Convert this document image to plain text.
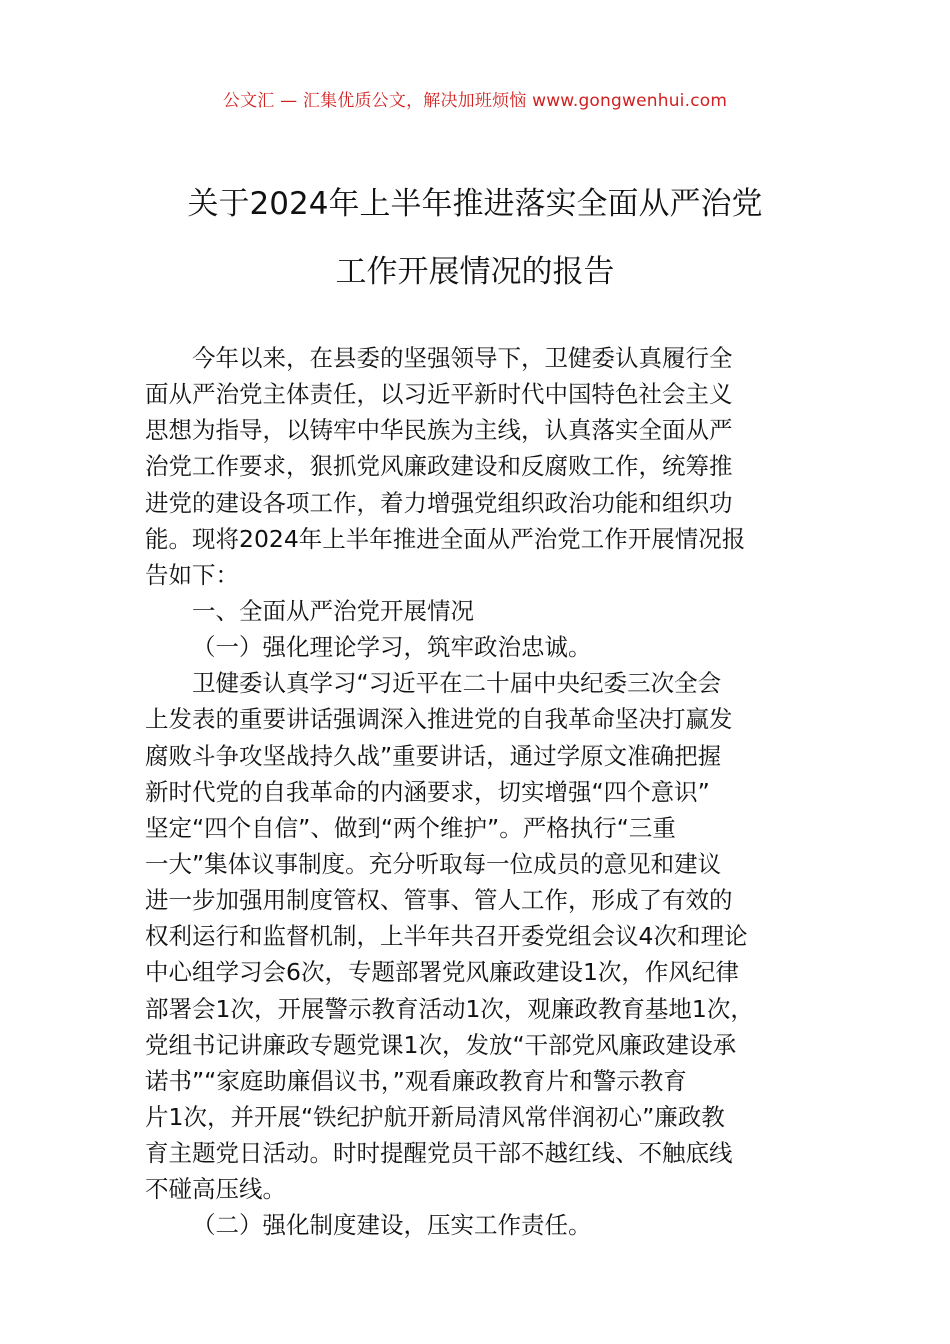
公文汇 — 汇集优质公文，解决加班烦恼 www.gongwenhui.com
关于2024年上半年推进落实全面从严治党
工作开展情况的报告
今年以来，在县委的坚强领导下，卫健委认真履行全
面从严治党主体责任，以习近平新时代中国特色社会主义
思想为指导，以铸牢中华民族为主线，认真落实全面从严
治党工作要求，狠抓党风廉政建设和反腐败工作，统筹推
进党的建设各项工作，着力增强党组织政治功能和组织功
能。现将2024年上半年推进全面从严治党工作开展情况报
告如下：
一、全面从严治党开展情况
（一）强化理论学习，筑牢政治忠诚。
卫健委认真学习“习近平在二十届中央纪委三次全会
上发表的重要讲话强调深入推进党的自我革命坚决打赢发
腐败斗争攻坚战持久战”重要讲话，通过学原文准确把握
新时代党的自我革命的内涵要求，切实增强“四个意识”
坚定“四个自信”、做到“两个维护”。严格执行“三重
一大”集体议事制度。充分听取每一位成员的意见和建议
进一步加强用制度管权、管事、管人工作，形成了有效的
权利运行和监督机制，上半年共召开委党组会议4次和理论
中心组学习会6次，专题部署党风廉政建设1次，作风纪律
部署会1次，开展警示教育活动1次，观廉政教育基地1次，
党组书记讲廉政专题党课1次，发放“干部党风廉政建设承
诺书”“家庭助廉倡议书，”观看廉政教育片和警示教育
片1次，并开展“铁纪护航开新局清风常伴润初心”廉政教
育主题党日活动。时时提醒党员干部不越红线、不触底线
不碰高压线。
（二）强化制度建设，压实工作责任。
